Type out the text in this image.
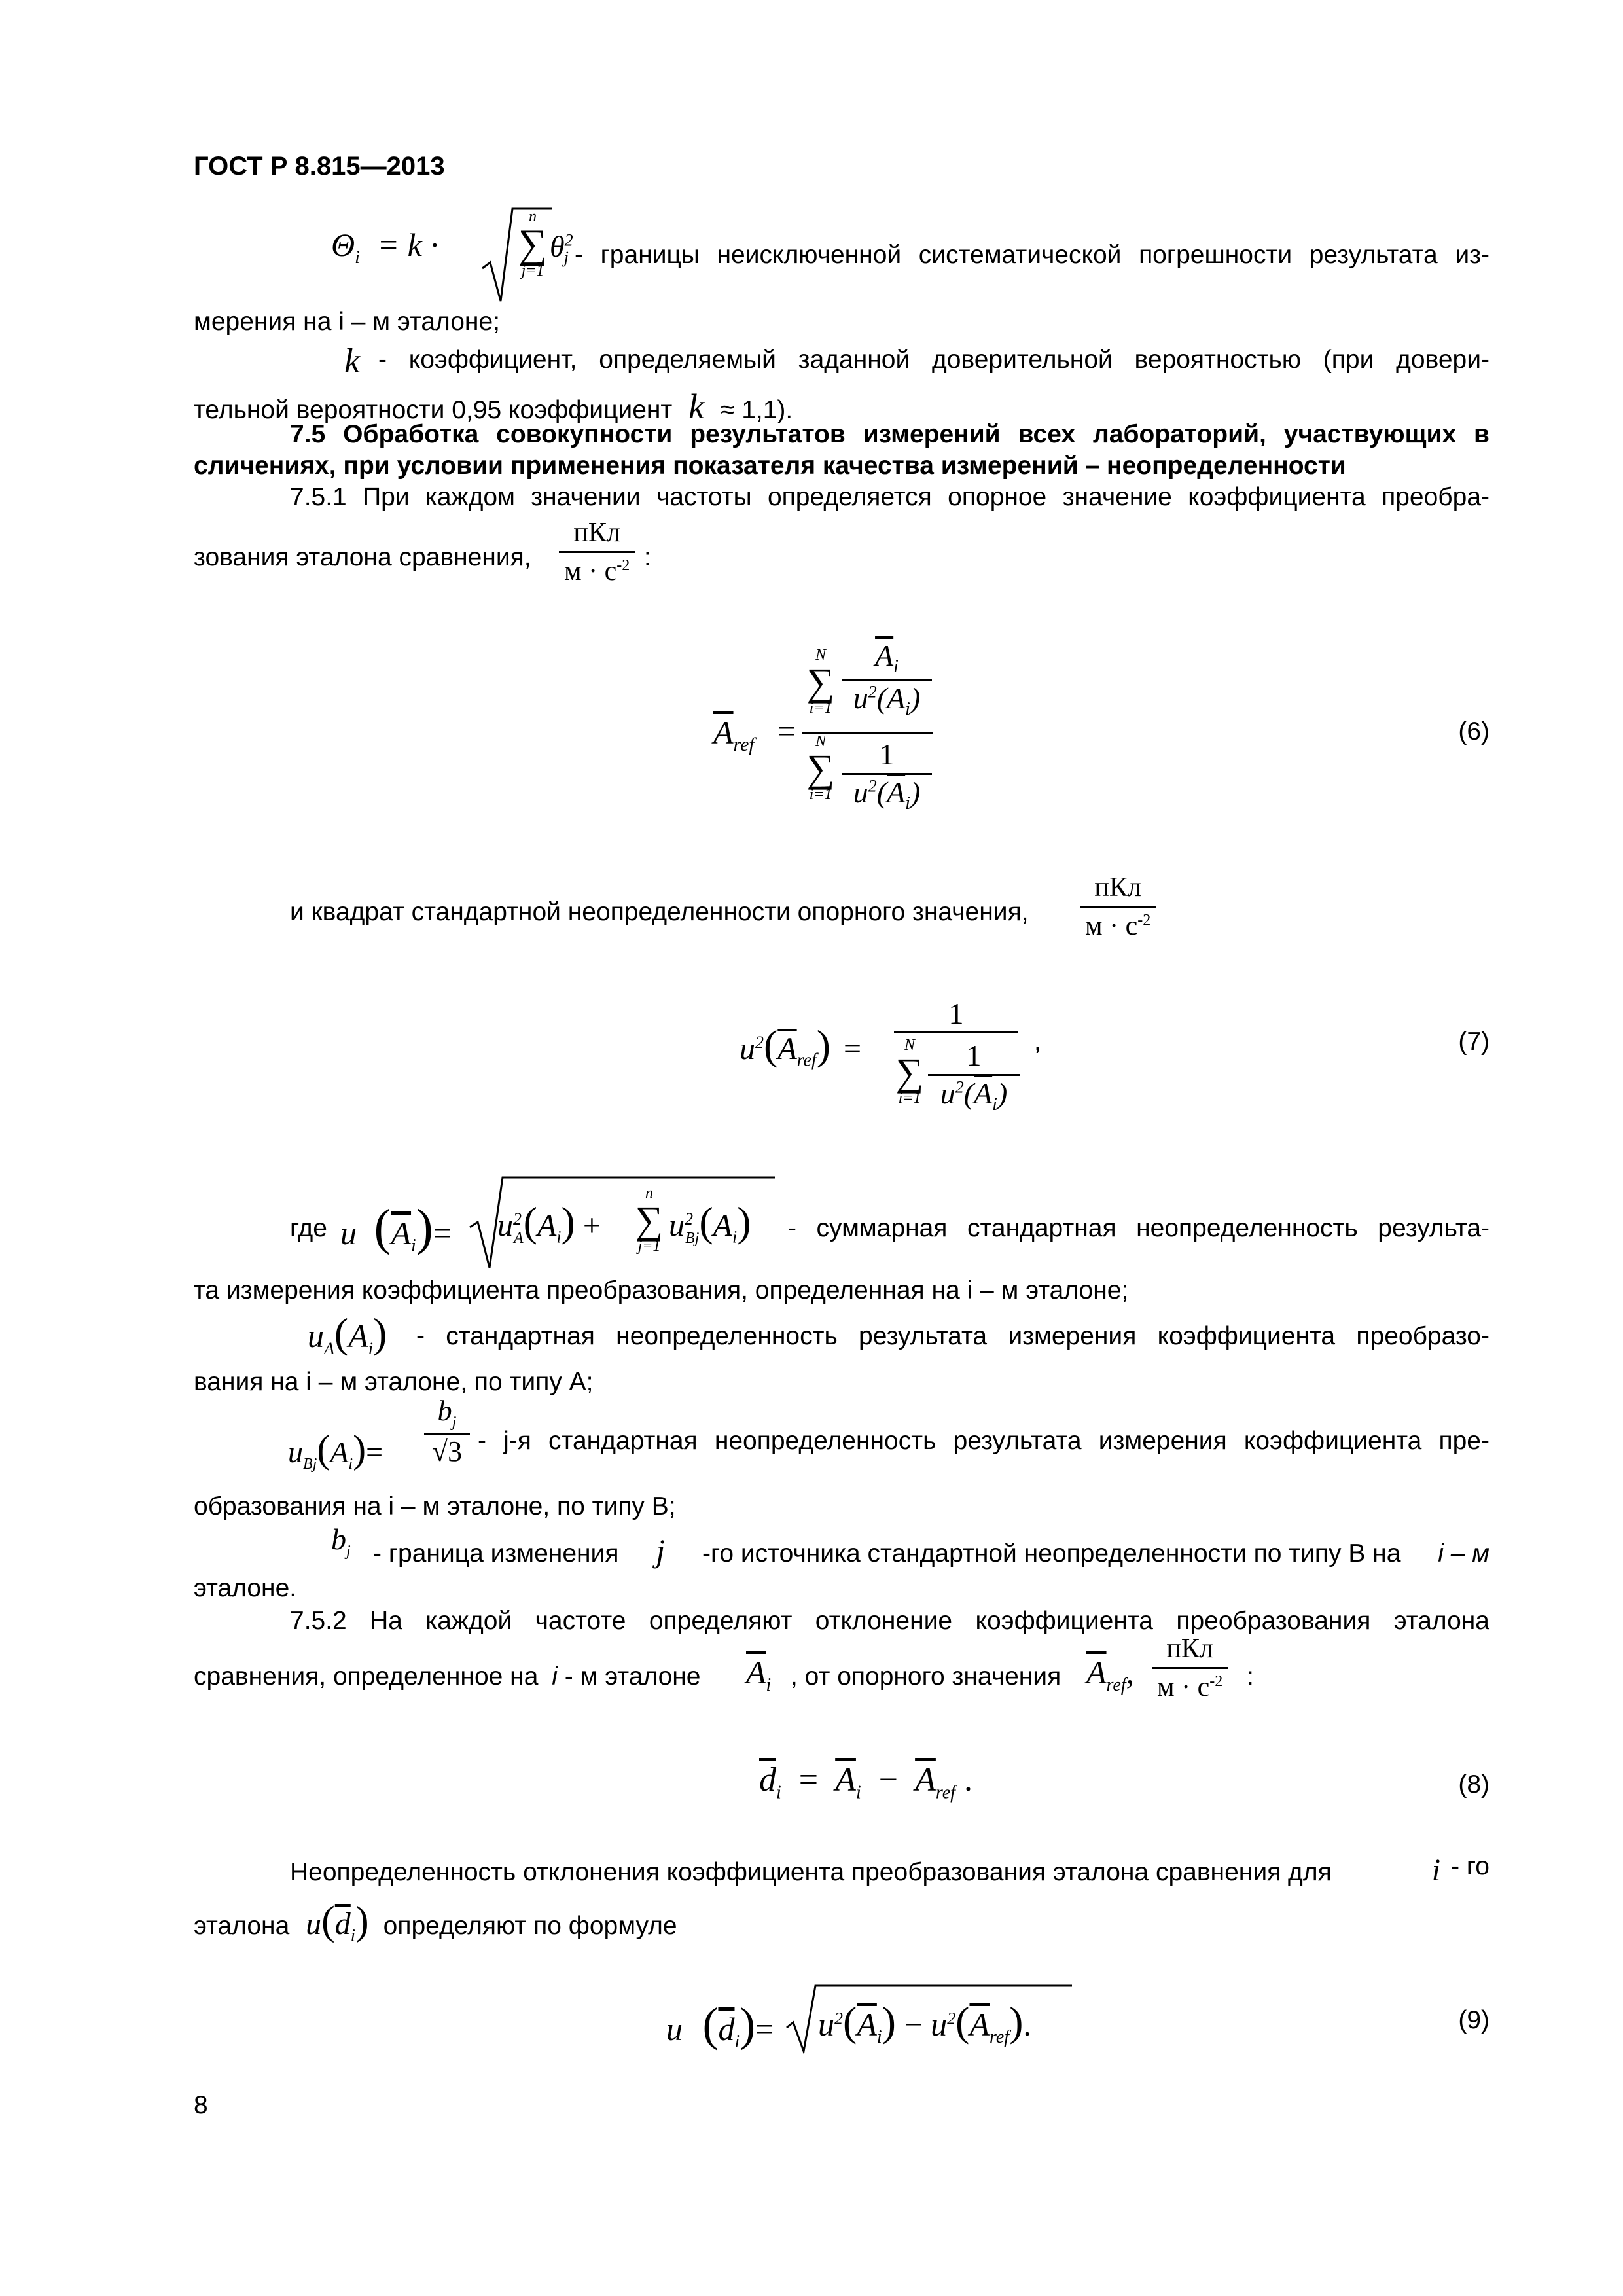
ГОСТ Р 8.815—2013
$\Theta_i = k$ ·
n
∑
j=1
$\theta^2_j$ - границы неисключенной систематической погрешности результата из-
мерения на i – м эталоне;
k - коэффициент, определяемый заданной доверительной вероятностью (при довери-
тельной вероятности 0,95 коэффициент k ≈ 1,1).
7.5 Обработка совокупности результатов измерений всех лабораторий, участвующих в
сличениях, при условии применения показателя качества измерений – неопределенности
7.5.1 При каждом значении частоты определяется опорное значение коэффициента преобра-
зования эталона сравнения, $\frac{\text{пКл}}{м \cdot с^{-2}}$ :
$\overline{A}_{ref}$ =
N
∑
i=1
$\overline{A}_i$
$u^2(\overline{A}_i)$
N
∑
i=1
1
$u^2(\overline{A}_i)$
(6)
и квадрат стандартной неопределенности опорного значения, $\frac{\text{пКл}}{м \cdot с^{-2}}$
$u^2(\overline{A}_{ref})$ =
1
N
∑
i=1
1
$u^2(\overline{A}_i)$
,	(7)
где u $(\overline{A}_i)= u^2_A(A_i)$ +
n
∑
j=1
$u^2_{Bj}(A_i)$ - суммарная стандартная неопределенность результа-
та измерения коэффициента преобразования, определенная на i – м эталоне;
$u_A(A_i)$ - стандартная неопределенность результата измерения коэффициента преобразо-
вания на i – м эталоне, по типу А;
$u_{Bj}(A_i)=$
$b_j$
√3 - j-я стандартная неопределенность результата измерения коэффициента пре-
образования на i – м эталоне, по типу В;
$b_j$ - граница изменения j -го источника стандартной неопределенности по типу В на i – м
эталоне.
7.5.2 На каждой частоте определяют отклонение коэффициента преобразования эталона
сравнения, определенное на i - м эталоне $\overline{A}_i$ , от опорного значения $\overline{A}_{ref}$, $\frac{\text{пКл}}{м \cdot с^{-2}}$ :
$\overline{d}_i = \overline{A}_i - \overline{A}_{ref}$ .	(8)
Неопределенность отклонения коэффициента преобразования эталона сравнения для	i - го
эталона $u(\overline{d}_i)$ определяют по формуле
u $(\overline{d}_i)= u^2(\overline{A}_i) - u^2(\overline{A}_{ref})$.	(9)
8
